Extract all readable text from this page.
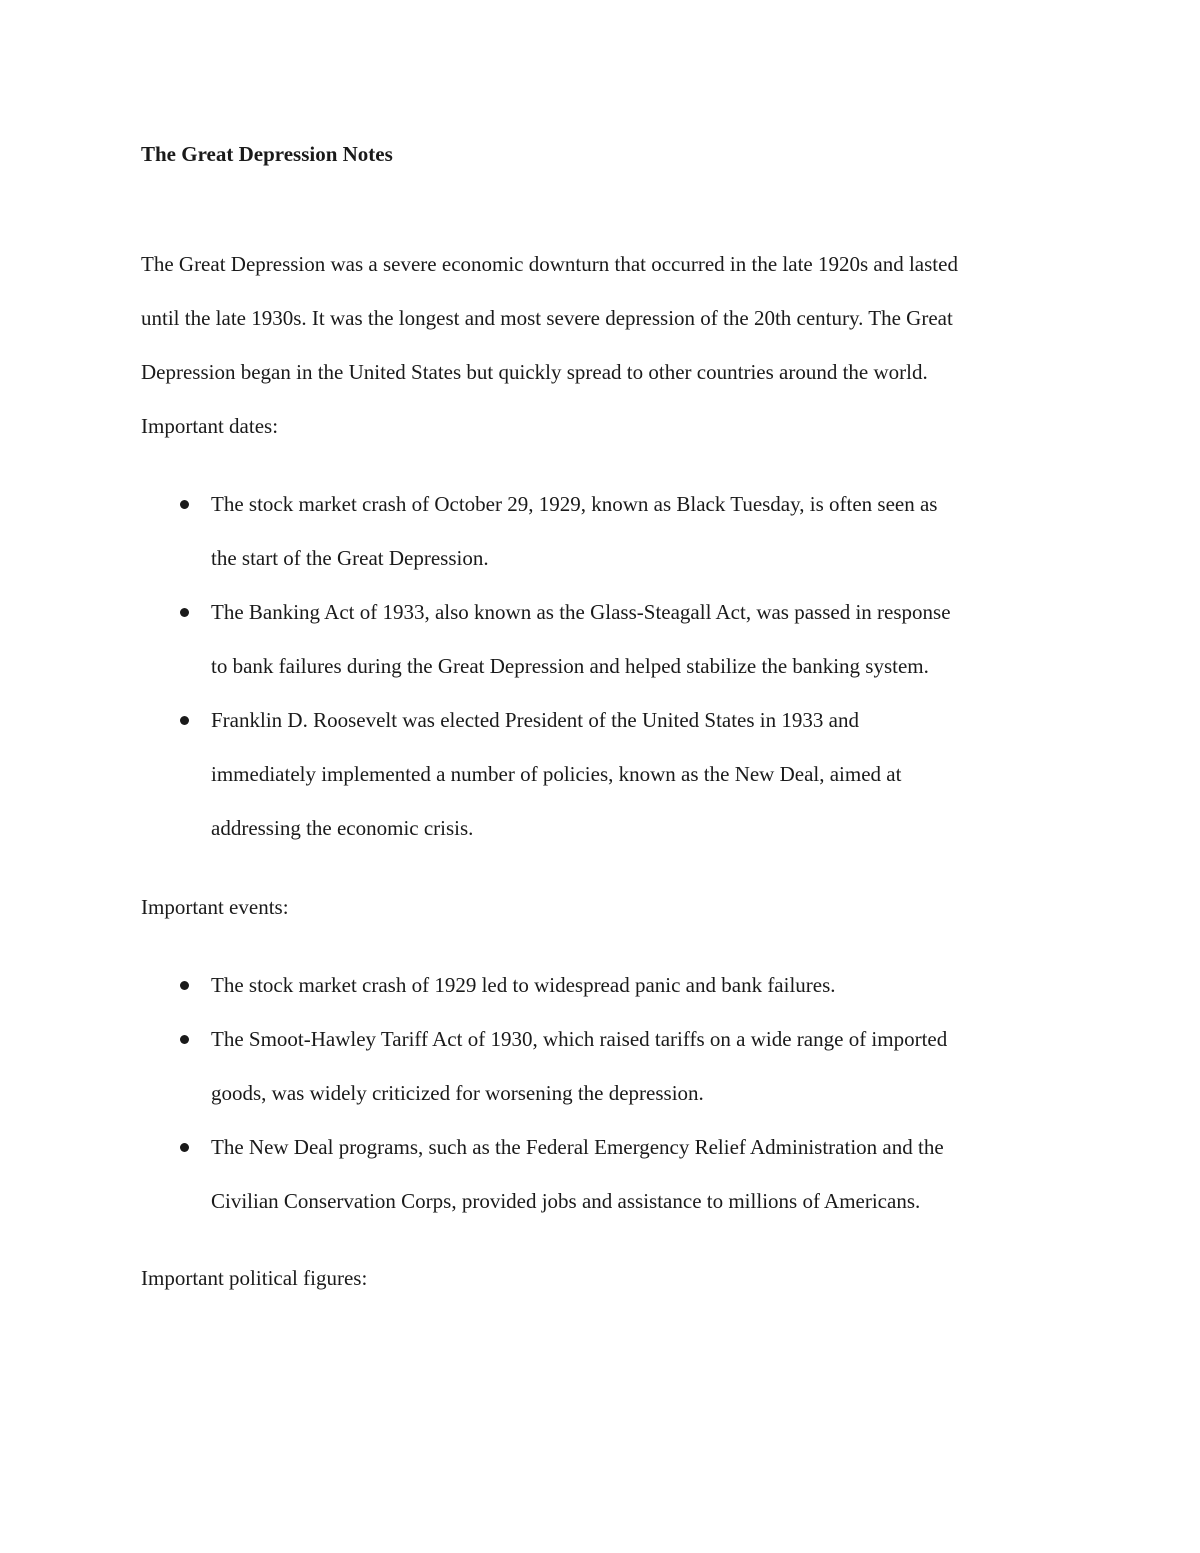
The Great Depression Notes

The Great Depression was a severe economic downturn that occurred in the late 1920s and lasted
until the late 1930s. It was the longest and most severe depression of the 20th century. The Great
Depression began in the United States but quickly spread to other countries around the world.

Important dates:

The stock market crash of October 29, 1929, known as Black Tuesday, is often seen as
the start of the Great Depression.
The Banking Act of 1933, also known as the Glass-Steagall Act, was passed in response
to bank failures during the Great Depression and helped stabilize the banking system.
Franklin D. Roosevelt was elected President of the United States in 1933 and
immediately implemented a number of policies, known as the New Deal, aimed at
addressing the economic crisis.

Important events:

The stock market crash of 1929 led to widespread panic and bank failures.
The Smoot-Hawley Tariff Act of 1930, which raised tariffs on a wide range of imported
goods, was widely criticized for worsening the depression.
The New Deal programs, such as the Federal Emergency Relief Administration and the
Civilian Conservation Corps, provided jobs and assistance to millions of Americans.

Important political figures:
